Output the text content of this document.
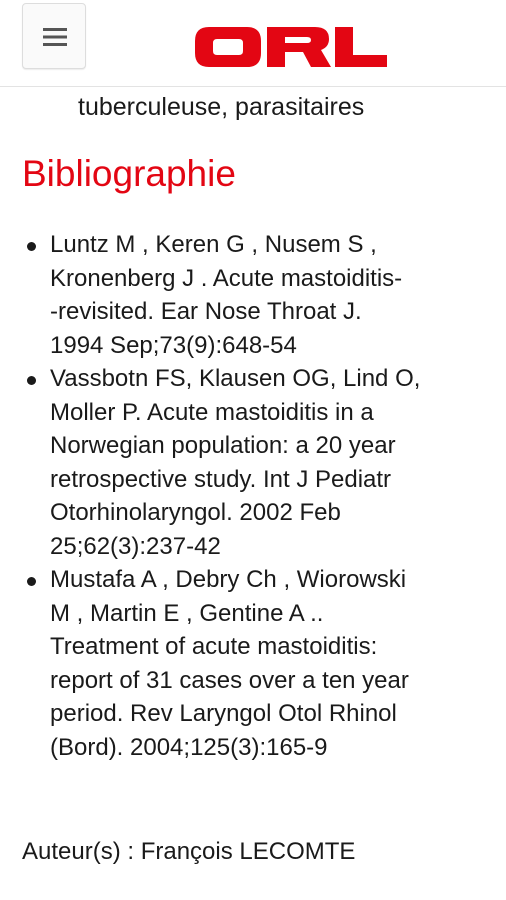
tuberculeuse, parasitaires
Bibliographie
Luntz M , Keren G , Nusem S ,
Kronenberg J . Acute mastoiditis-
-revisited. Ear Nose Throat J.
1994 Sep;73(9):648-54
Vassbotn FS, Klausen OG, Lind O,
Moller P. Acute mastoiditis in a
Norwegian population: a 20 year
retrospective study. Int J Pediatr
Otorhinolaryngol. 2002 Feb
25;62(3):237-42
Mustafa A , Debry Ch , Wiorowski
M , Martin E , Gentine A ..
Treatment of acute mastoiditis:
report of 31 cases over a ten year
period. Rev Laryngol Otol Rhinol
(Bord). 2004;125(3):165-9
Auteur(s) : François LECOMTE
